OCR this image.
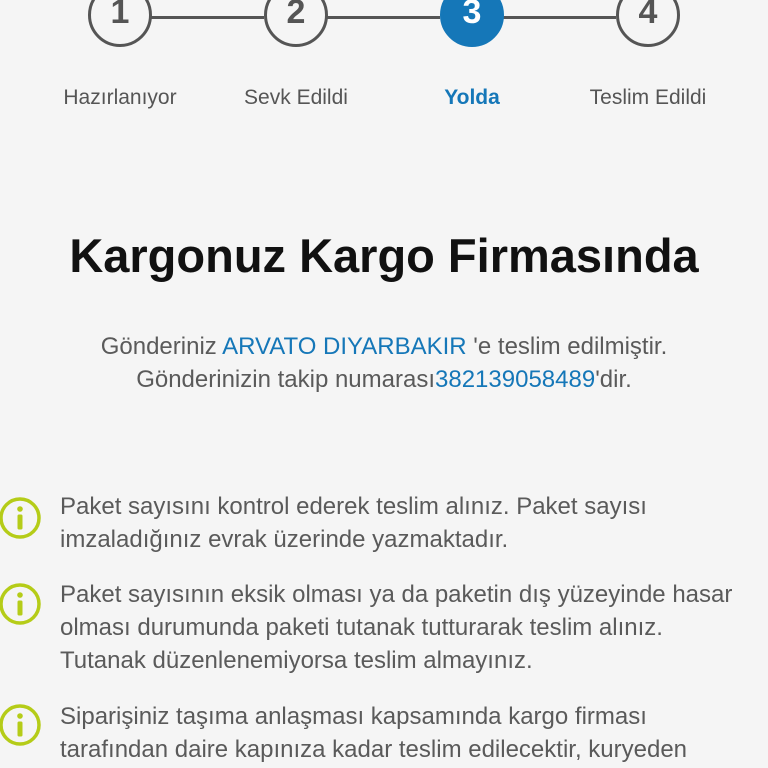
1	2	3	4
Hazırlanıyor	Sevk Edildi	Yolda	Teslim Edildi
Kargonuz Kargo Firmasında
Gönderiniz ARVATO DIYARBAKIR 'e teslim edilmiştir.
Gönderinizin takip numarası382139058489'dir.
Paket sayısını kontrol ederek teslim alınız. Paket sayısı
imzaladığınız evrak üzerinde yazmaktadır.
Paket sayısının eksik olması ya da paketin dış yüzeyinde hasar
olması durumunda paketi tutanak tutturarak teslim alınız.
Tutanak düzenlenemiyorsa teslim almayınız.
Siparişiniz taşıma anlaşması kapsamında kargo firması
tarafından daire kapınıza kadar teslim edilecektir, kuryeden
